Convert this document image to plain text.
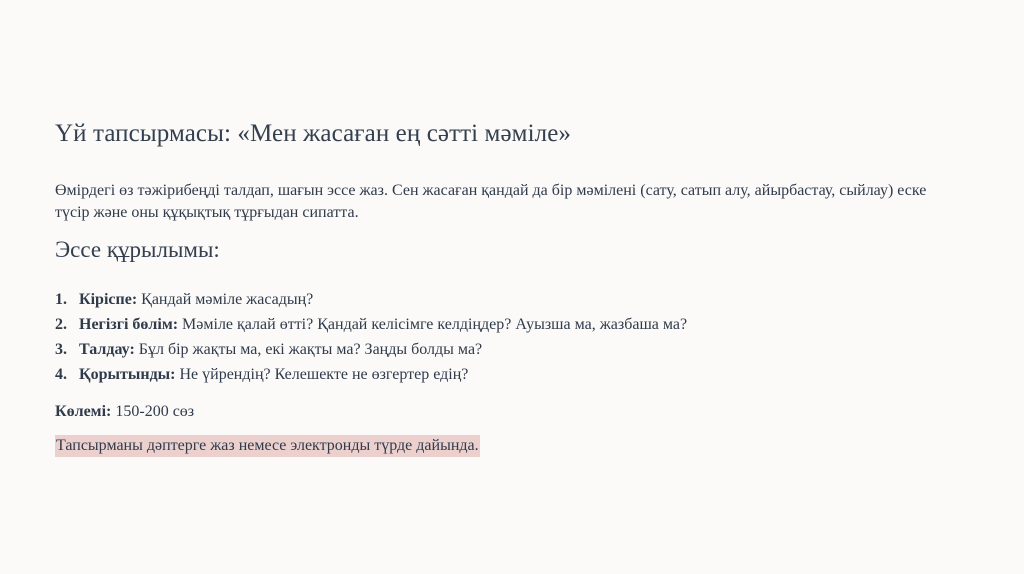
Үй тапсырмасы: «Мен жасаған ең сәтті мәміле»
Өмірдегі өз тәжірибеңді талдап, шағын эссе жаз. Сен жасаған қандай да бір мәмілені (сату, сатып алу, айырбастау, сыйлау) еске түсір және оны құқықтық тұрғыдан сипатта.
Эссе құрылымы:
1. Кіріспе: Қандай мәміле жасадың?
2. Негізгі бөлім: Мәміле қалай өтті? Қандай келісімге келдіңдер? Ауызша ма, жазбаша ма?
3. Талдау: Бұл бір жақты ма, екі жақты ма? Заңды болды ма?
4. Қорытынды: Не үйрендің? Келешекте не өзгертер едің?
Көлемі: 150-200 сөз
Тапсырманы дәптерге жаз немесе электронды түрде дайында.
